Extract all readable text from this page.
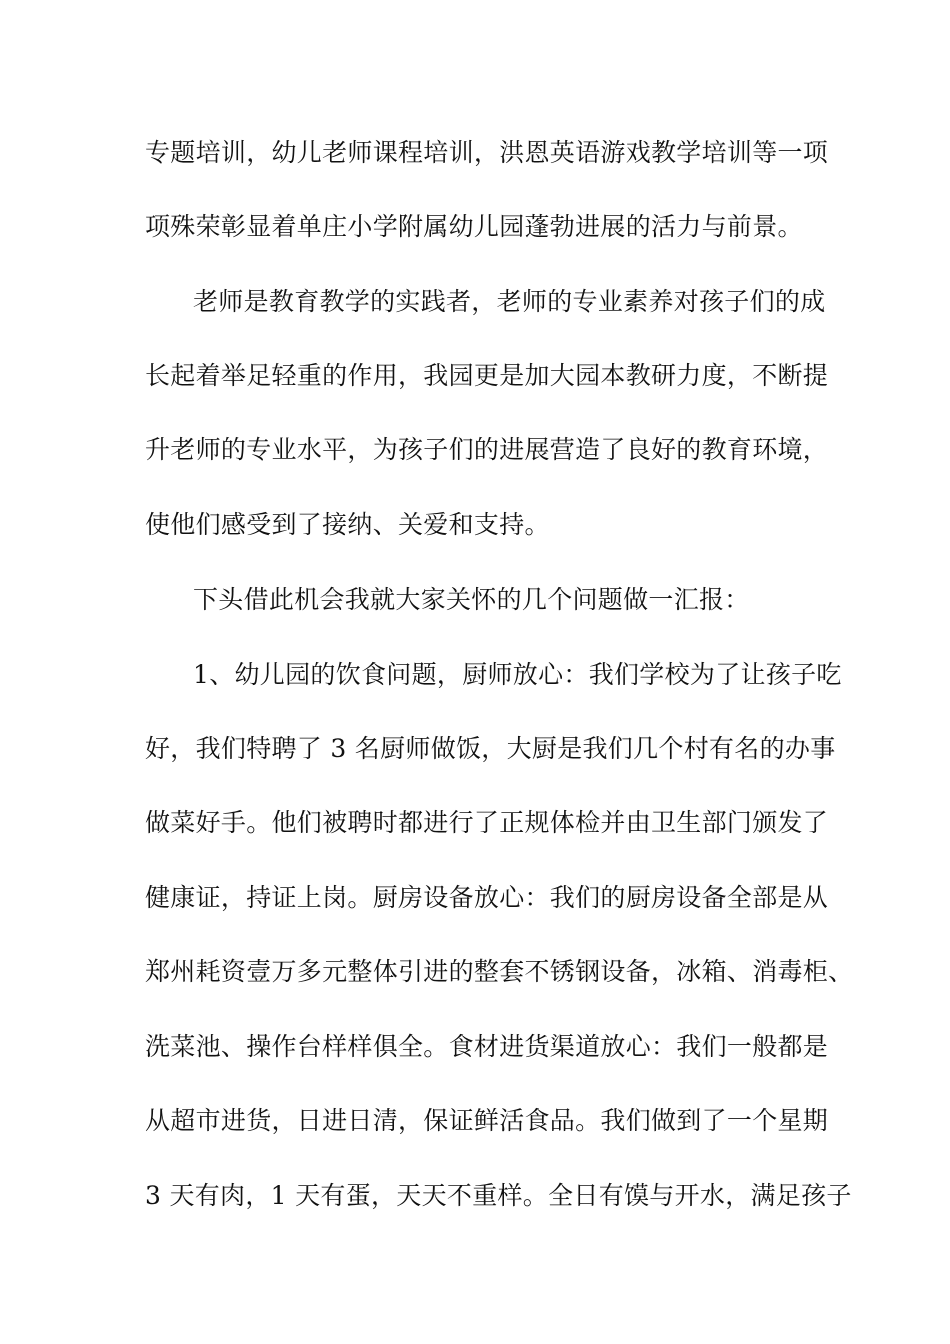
专题培训，幼儿老师课程培训，洪恩英语游戏教学培训等一项
项殊荣彰显着单庄小学附属幼儿园蓬勃进展的活力与前景。
老师是教育教学的实践者，老师的专业素养对孩子们的成
长起着举足轻重的作用，我园更是加大园本教研力度，不断提
升老师的专业水平，为孩子们的进展营造了良好的教育环境，
使他们感受到了接纳、关爱和支持。
下头借此机会我就大家关怀的几个问题做一汇报：
1、幼儿园的饮食问题，厨师放心：我们学校为了让孩子吃
好，我们特聘了 3 名厨师做饭，大厨是我们几个村有名的办事
做菜好手。他们被聘时都进行了正规体检并由卫生部门颁发了
健康证，持证上岗。厨房设备放心：我们的厨房设备全部是从
郑州耗资壹万多元整体引进的整套不锈钢设备，冰箱、消毒柜、
洗菜池、操作台样样俱全。食材进货渠道放心：我们一般都是
从超市进货，日进日清，保证鲜活食品。我们做到了一个星期
3 天有肉，1 天有蛋，天天不重样。全日有馍与开水，满足孩子
